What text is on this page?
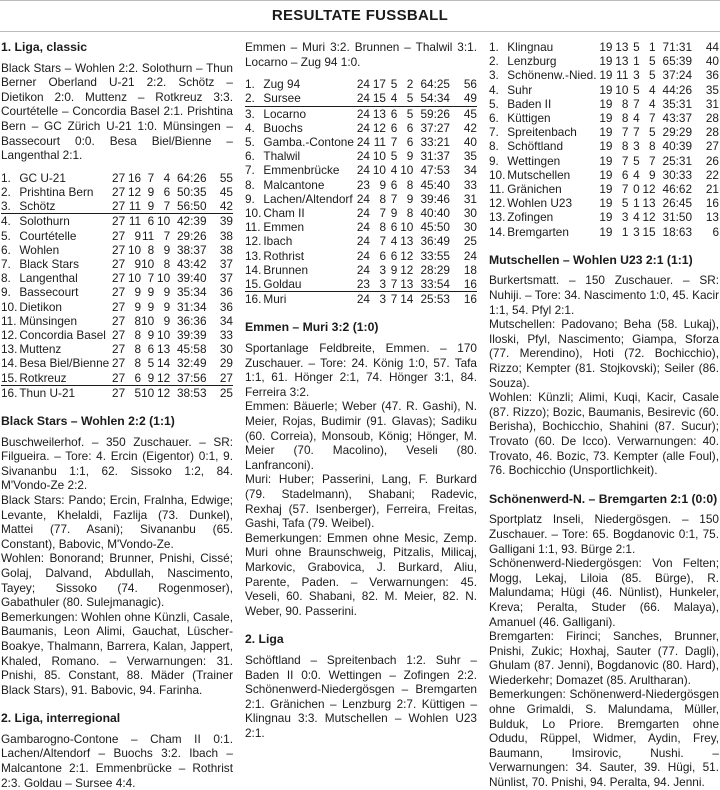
RESULTATE FUSSBALL
1. Liga, classic

Black Stars – Wohlen 2:2. Solothurn – Thun Berner Oberland U-21 2:2. Schötz – Dietikon 2:0. Muttenz – Rotkreuz 3:3. Courtételle – Concordia Basel 2:1. Prishtina Bern – GC Zürich U-21 1:0. Münsingen – Bassecourt 0:0. Besa Biel/Bienne – Langenthal 2:1.

1.	GC U-21	27	16	7	4	64:26	55
2.	Prishtina Bern	27	12	9	6	50:35	45
3.	Schötz	27	11	9	7	56:50	42
4.	Solothurn	27	11	6	10	42:39	39
5.	Courtételle	27	9	11	7	29:26	38
6.	Wohlen	27	10	8	9	38:37	38
7.	Black Stars	27	9	10	8	43:42	37
8.	Langenthal	27	10	7	10	39:40	37
9.	Bassecourt	27	9	9	9	35:34	36
10.	Dietikon	27	9	9	9	31:34	36
11.	Münsingen	27	8	10	9	36:36	34
12.	Concordia Basel	27	8	9	10	39:39	33
13.	Muttenz	27	8	6	13	45:58	30
14.	Besa Biel/Bienne	27	8	5	14	32:49	29
15.	Rotkreuz	27	6	9	12	37:56	27
16.	Thun U-21	27	5	10	12	38:53	25
Black Stars – Wohlen 2:2 (1:1)

Buschweilerhof. – 350 Zuschauer. – SR: Filgueira. – Tore: 4. Ercin (Eigentor) 0:1, 9. Sivananbu 1:1, 62. Sissoko 1:2, 84. M'Vondo-Ze 2:2.

Black Stars: Pando; Ercin, Fralnha, Edwige; Levante, Khelaldi, Fazlija (73. Dunkel), Mattei (77. Asani); Sivananbu (65. Constant), Babovic, M'Vondo-Ze.

Wohlen: Bonorand; Brunner, Pnishi, Cissé; Golaj, Dalvand, Abdullah, Nascimento, Tayey; Sissoko (74. Rogenmoser), Gabathuler (80. Sulejmanagic).

Bemerkungen: Wohlen ohne Künzli, Casale, Baumanis, Leon Alimi, Gauchat, Lüscher-Boakye, Thalmann, Barrera, Kalan, Jappert, Khaled, Romano. – Verwarnungen: 31. Pnishi, 85. Constant, 88. Mäder (Trainer Black Stars), 91. Babovic, 94. Farinha.

2. Liga, interregional

Gambarogno-Contone – Cham II 0:1. Lachen/Altendorf – Buochs 3:2. Ibach – Malcantone 2:1. Emmenbrücke – Rothrist 2:3. Goldau – Sursee 4:4.

Emmen – Muri 3:2. Brunnen – Thalwil 3:1. Locarno – Zug 94 1:0.

1.	Zug 94	24	17	5	2	64:25	56
2.	Sursee	24	15	4	5	54:34	49
3.	Locarno	24	13	6	5	59:26	45
4.	Buochs	24	12	6	6	37:27	42
5.	Gamba.-Contone	24	11	7	6	33:21	40
6.	Thalwil	24	10	5	9	31:37	35
7.	Emmenbrücke	24	10	4	10	47:53	34
8.	Malcantone	23	9	6	8	45:40	33
9.	Lachen/Altendorf	24	8	7	9	39:46	31
10.	Cham II	24	7	9	8	40:40	30
11.	Emmen	24	8	6	10	45:50	30
12.	Ibach	24	7	4	13	36:49	25
13.	Rothrist	24	6	6	12	33:55	24
14.	Brunnen	24	3	9	12	28:29	18
15.	Goldau	23	3	7	13	33:54	16
16.	Muri	24	3	7	14	25:53	16
Emmen – Muri 3:2 (1:0)

Sportanlage Feldbreite, Emmen. – 170 Zuschauer. – Tore: 24. König 1:0, 57. Tafa 1:1, 61. Hönger 2:1, 74. Hönger 3:1, 84. Ferreira 3:2.

Emmen: Bäuerle; Weber (47. R. Gashi), N. Meier, Rojas, Budimir (91. Glavas); Sadiku (60. Correia), Monsoub, König; Hönger, M. Meier (70. Macolino), Veseli (80. Lanfranconi).

Muri: Huber; Passerini, Lang, F. Burkard (79. Stadelmann), Shabani; Radevic, Rexhaj (57. Isenberger), Ferreira, Freitas, Gashi, Tafa (79. Weibel).

Bemerkungen: Emmen ohne Mesic, Zemp. Muri ohne Braunschweig, Pitzalis, Milicaj, Markovic, Grabovica, J. Burkard, Aliu, Parente, Paden. – Verwarnungen: 45. Veseli, 60. Shabani, 82. M. Meier, 82. N. Weber, 90. Passerini.

2. Liga

Schöftland – Spreitenbach 1:2. Suhr – Baden II 0:0. Wettingen – Zofingen 2:2. Schönenwerd-Niedergösgen – Bremgarten 2:1. Gränichen – Lenzburg 2:7. Küttigen – Klingnau 3:3. Mutschellen – Wohlen U23 2:1.

1.	Klingnau	19	13	5	1	71:31	44
2.	Lenzburg	19	13	1	5	65:39	40
3.	Schönenw.-Nied.	19	11	3	5	37:24	36
4.	Suhr	19	10	5	4	44:26	35
5.	Baden II	19	8	7	4	35:31	31
6.	Küttigen	19	8	4	7	43:37	28
7.	Spreitenbach	19	7	7	5	29:29	28
8.	Schöftland	19	8	3	8	40:39	27
9.	Wettingen	19	7	5	7	25:31	26
10.	Mutschellen	19	6	4	9	30:33	22
11.	Gränichen	19	7	0	12	46:62	21
12.	Wohlen U23	19	5	1	13	26:45	16
13.	Zofingen	19	3	4	12	31:50	13
14.	Bremgarten	19	1	3	15	18:63	6
Mutschellen – Wohlen U23 2:1 (1:1)

Burkertsmatt. – 150 Zuschauer. – SR: Nuhiji. – Tore: 34. Nascimento 1:0, 45. Kacir 1:1, 54. Pfyl 2:1.

Mutschellen: Padovano; Beha (58. Lukaj), Iloski, Pfyl, Nascimento; Giampa, Sforza (77. Merendino), Hoti (72. Bochicchio), Rizzo; Kempter (81. Stojkovski); Seiler (86. Souza).

Wohlen: Künzli; Alimi, Kuqi, Kacir, Casale (87. Rizzo); Bozic, Baumanis, Besirevic (60. Berisha), Bochicchio, Shahini (87. Sucur); Trovato (60. De Icco). Verwarnungen: 40. Trovato, 46. Bozic, 73. Kempter (alle Foul), 76. Bochicchio (Unsportlichkeit).

Schönenwerd-N. – Bremgarten 2:1 (0:0)

Sportplatz Inseli, Niedergösgen. – 150 Zuschauer. – Tore: 65. Bogdanovic 0:1, 75. Galligani 1:1, 93. Bürge 2:1.

Schönenwerd-Niedergösgen: Von Felten; Mogg, Lekaj, Liloia (85. Bürge), R. Malundama; Hügi (46. Nünlist), Hunkeler, Kreva; Peralta, Studer (66. Malaya), Amanuel (46. Galligani).

Bremgarten: Firinci; Sanches, Brunner, Pnishi, Zukic; Hoxhaj, Sauter (77. Dagli), Ghulam (87. Jenni), Bogdanovic (80. Hard), Wiederkehr; Domazet (85. Arultharan).

Bemerkungen: Schönenwerd-Niedergösgen ohne Grimaldi, S. Malundama, Müller, Bulduk, Lo Priore. Bremgarten ohne Odudu, Rüppel, Widmer, Aydin, Frey, Baumann, Imsirovic, Nushi. – Verwarnungen: 34. Sauter, 39. Hügi, 51. Nünlist, 70. Pnishi, 94. Peralta, 94. Jenni.
